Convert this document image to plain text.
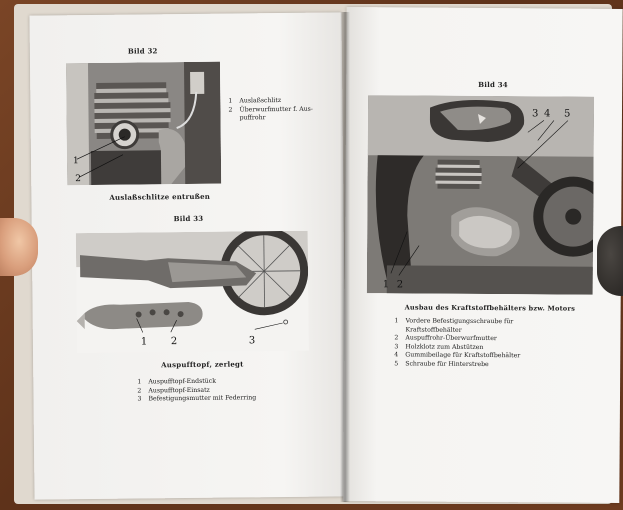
Bild 32
1
2
1 Auslaßschlitz
2 Überwurfmutter f. Aus-
puffrohr
Auslaßschlitze entrußen
Bild 33
1 2	3
Auspufftopf, zerlegt
1 Auspufftopf-Endstück
2 Auspufftopf-Einsatz
3 Befestigungsmutter mit Federring
Bild 34
3 4 5
1 2
Ausbau des Kraftstoffbehälters bzw. Motors
1 Vordere Befestigungsschraube für
Kraftstoffbehälter
2 Auspuffrohr-Überwurfmutter
3 Holzklotz zum Abstützen
4 Gummibeilage für Kraftstoffbehälter
5 Schraube für Hinterstrebe
